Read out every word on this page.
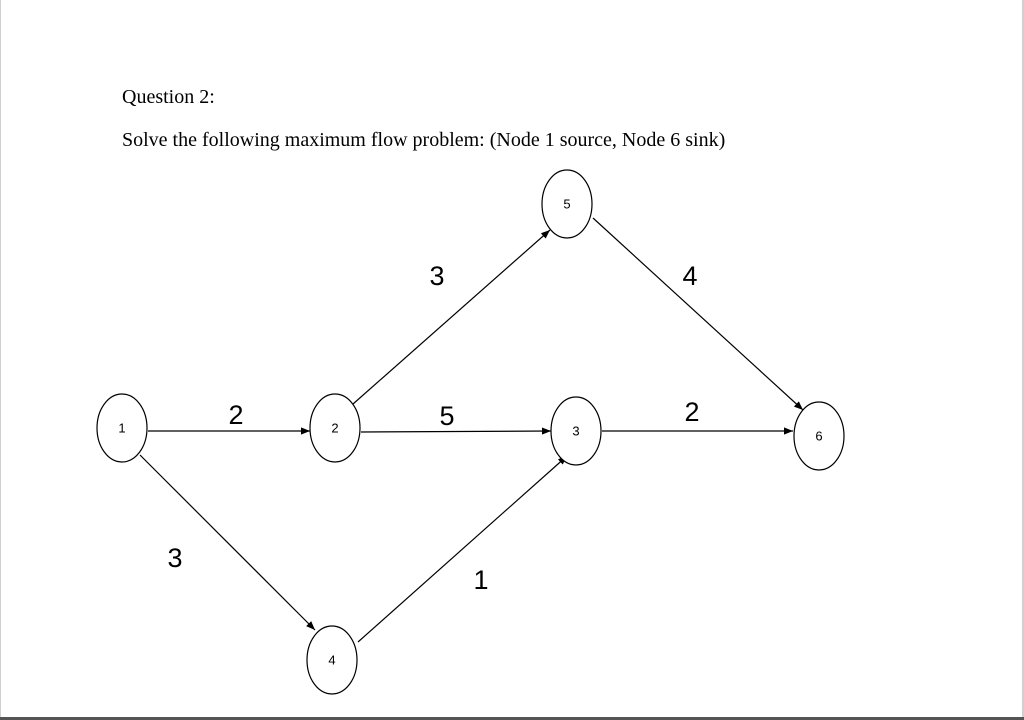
Question 2:
Solve the following maximum flow problem: (Node 1 source, Node 6 sink)
1	2	3
4
5
6
2
3
3
5
1
4
2
